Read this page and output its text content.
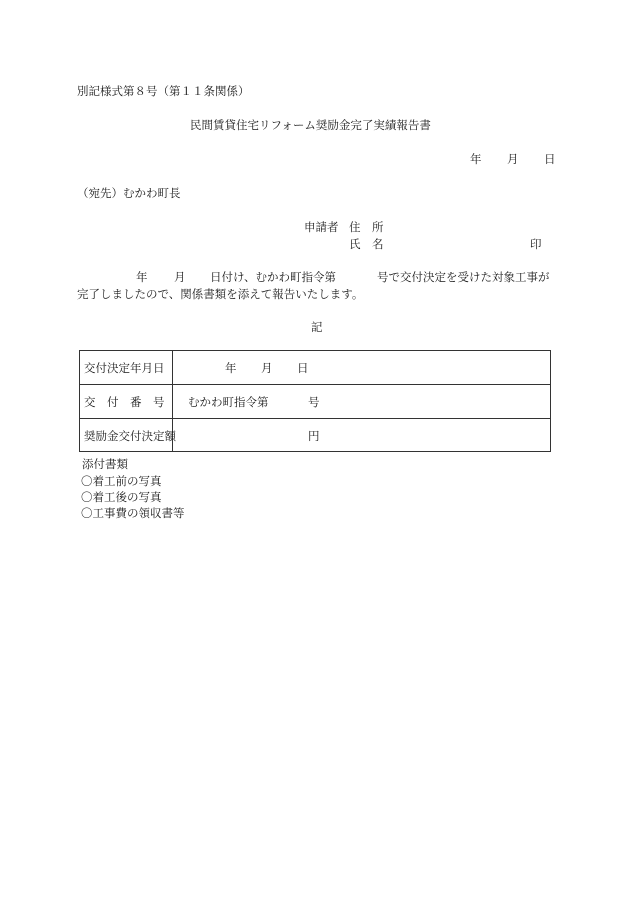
別記様式第８号（第１１条関係）
民間賃貸住宅リフォーム奨励金完了実績報告書
年 月 日
（宛先）むかわ町長
申請者 住　所
氏　名	印
年 月 日付け、むかわ町指令第	号で交付決定を受けた対象工事が
完了しましたので、関係書類を添えて報告いたします。
記
交付決定年月日	年 月 日
交　付　番　号	むかわ町指令第	号
奨励金交付決定額	円
添付書類
〇着工前の写真
〇着工後の写真
〇工事費の領収書等
